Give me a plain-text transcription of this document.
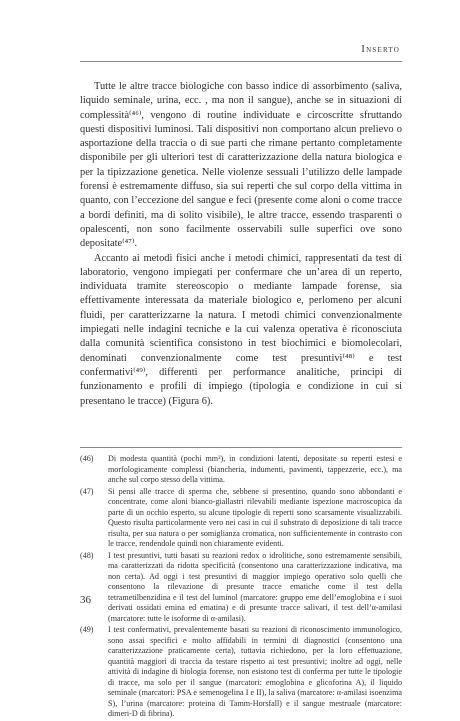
Inserto

Tutte le altre tracce biologiche con basso indice di assorbimento (saliva, liquido seminale, urina, ecc. , ma non il sangue), anche se in situazioni di complessità⁽⁴⁶⁾, vengono di routine individuate e circoscritte sfruttando questi dispositivi luminosi. Tali dispositivi non comportano alcun prelievo o asportazione della traccia o di sue parti che rimane pertanto completamente disponibile per gli ulteriori test di caratterizzazione della natura biologica e per la tipizzazione genetica. Nelle violenze sessuali l’utilizzo delle lampade forensi è estremamente diffuso, sia sui reperti che sul corpo della vittima in quanto, con l’eccezione del sangue e feci (presente come aloni o come tracce a bordi definiti, ma di solito visibile), le altre tracce, essendo trasparenti o opalescenti, non sono facilmente osservabili sulle superfici ove sono depositate⁽⁴⁷⁾.

Accanto ai metodi fisici anche i metodi chimici, rappresentati da test di laboratorio, vengono impiegati per confermare che un’area di un reperto, individuata tramite stereoscopio o mediante lampade forense, sia effettivamente interessata da materiale biologico e, perlomeno per alcuni fluidi, per caratterizzarne la natura. I metodi chimici convenzionalmente impiegati nelle indagini tecniche e la cui valenza operativa è riconosciuta dalla comunità scientifica consistono in test biochimici e biomolecolari, denominati convenzionalmente come test presuntivi⁽⁴⁸⁾ e test confermativi⁽⁴⁹⁾, differenti per performance analitiche, principi di funzionamento e profili di impiego (tipologia e condizione in cui si presentano le tracce) (Figura 6).

(46)	Di modesta quantità (pochi mm²), in condizioni latenti, depositate su reperti estesi e morfologicamente complessi (biancheria, indumenti, pavimenti, tappezzerie, ecc.), ma anche sul corpo stesso della vittima.
(47)	Si pensi alle tracce di sperma che, sebbene si presentino, quando sono abbondanti e concentrate, come aloni bianco-giallastri rilevabili mediante ispezione macroscopica da parte di un occhio esperto, su alcune tipologie di reperti sono scarsamente visualizzabili. Questo risulta particolarmente vero nei casi in cui il substrato di deposizione di tali tracce risulta, per sua natura o per somiglianza cromatica, non sufficientemente in contrasto con le tracce, rendendole quindi non chiaramente evidenti.
(48)	I test presuntivi, tutti basati su reazioni redox o idrolitiche, sono estremamente sensibili, ma caratterizzati da ridotta specificità (consentono una caratterizzazione indicativa, ma non certa). Ad oggi i test presuntivi di maggior impiego operativo solo quelli che consentono la rilevazione di presunte tracce ematiche come il test della tetrametilbenzidina e il test del luminol (marcatore: gruppo eme dell’emoglobina e i suoi derivati ossidati emina ed ematina) e di presunte tracce salivari, il test dell’α-amilasi (marcatore: tutte le isoforme di α-amilasi).
(49)	I test confermativi, prevalentemente basati su reazioni di riconoscimento immunologico, sono assai specifici e molto affidabili in termini di diagnostici (consentono una caratterizzazione praticamente certa), tuttavia richiedono, per la loro effettuazione, quantità maggiori di traccia da testare rispetto ai test presuntivi; inoltre ad oggi, nelle attività di indagine di biologia forense, non esistono test di conferma per tutte le tipologie di tracce, ma solo per il sangue (marcatori: emoglobina e glicoforina A), il liquido seminale (marcatori: PSA e semenogelina I e II), la saliva (marcatore: α-amilasi isoenzima S), l’urina (marcatore: proteina di Tamm-Horsfall) e il sangue mestruale (marcatore: dimeri-D di fibrina).
36
